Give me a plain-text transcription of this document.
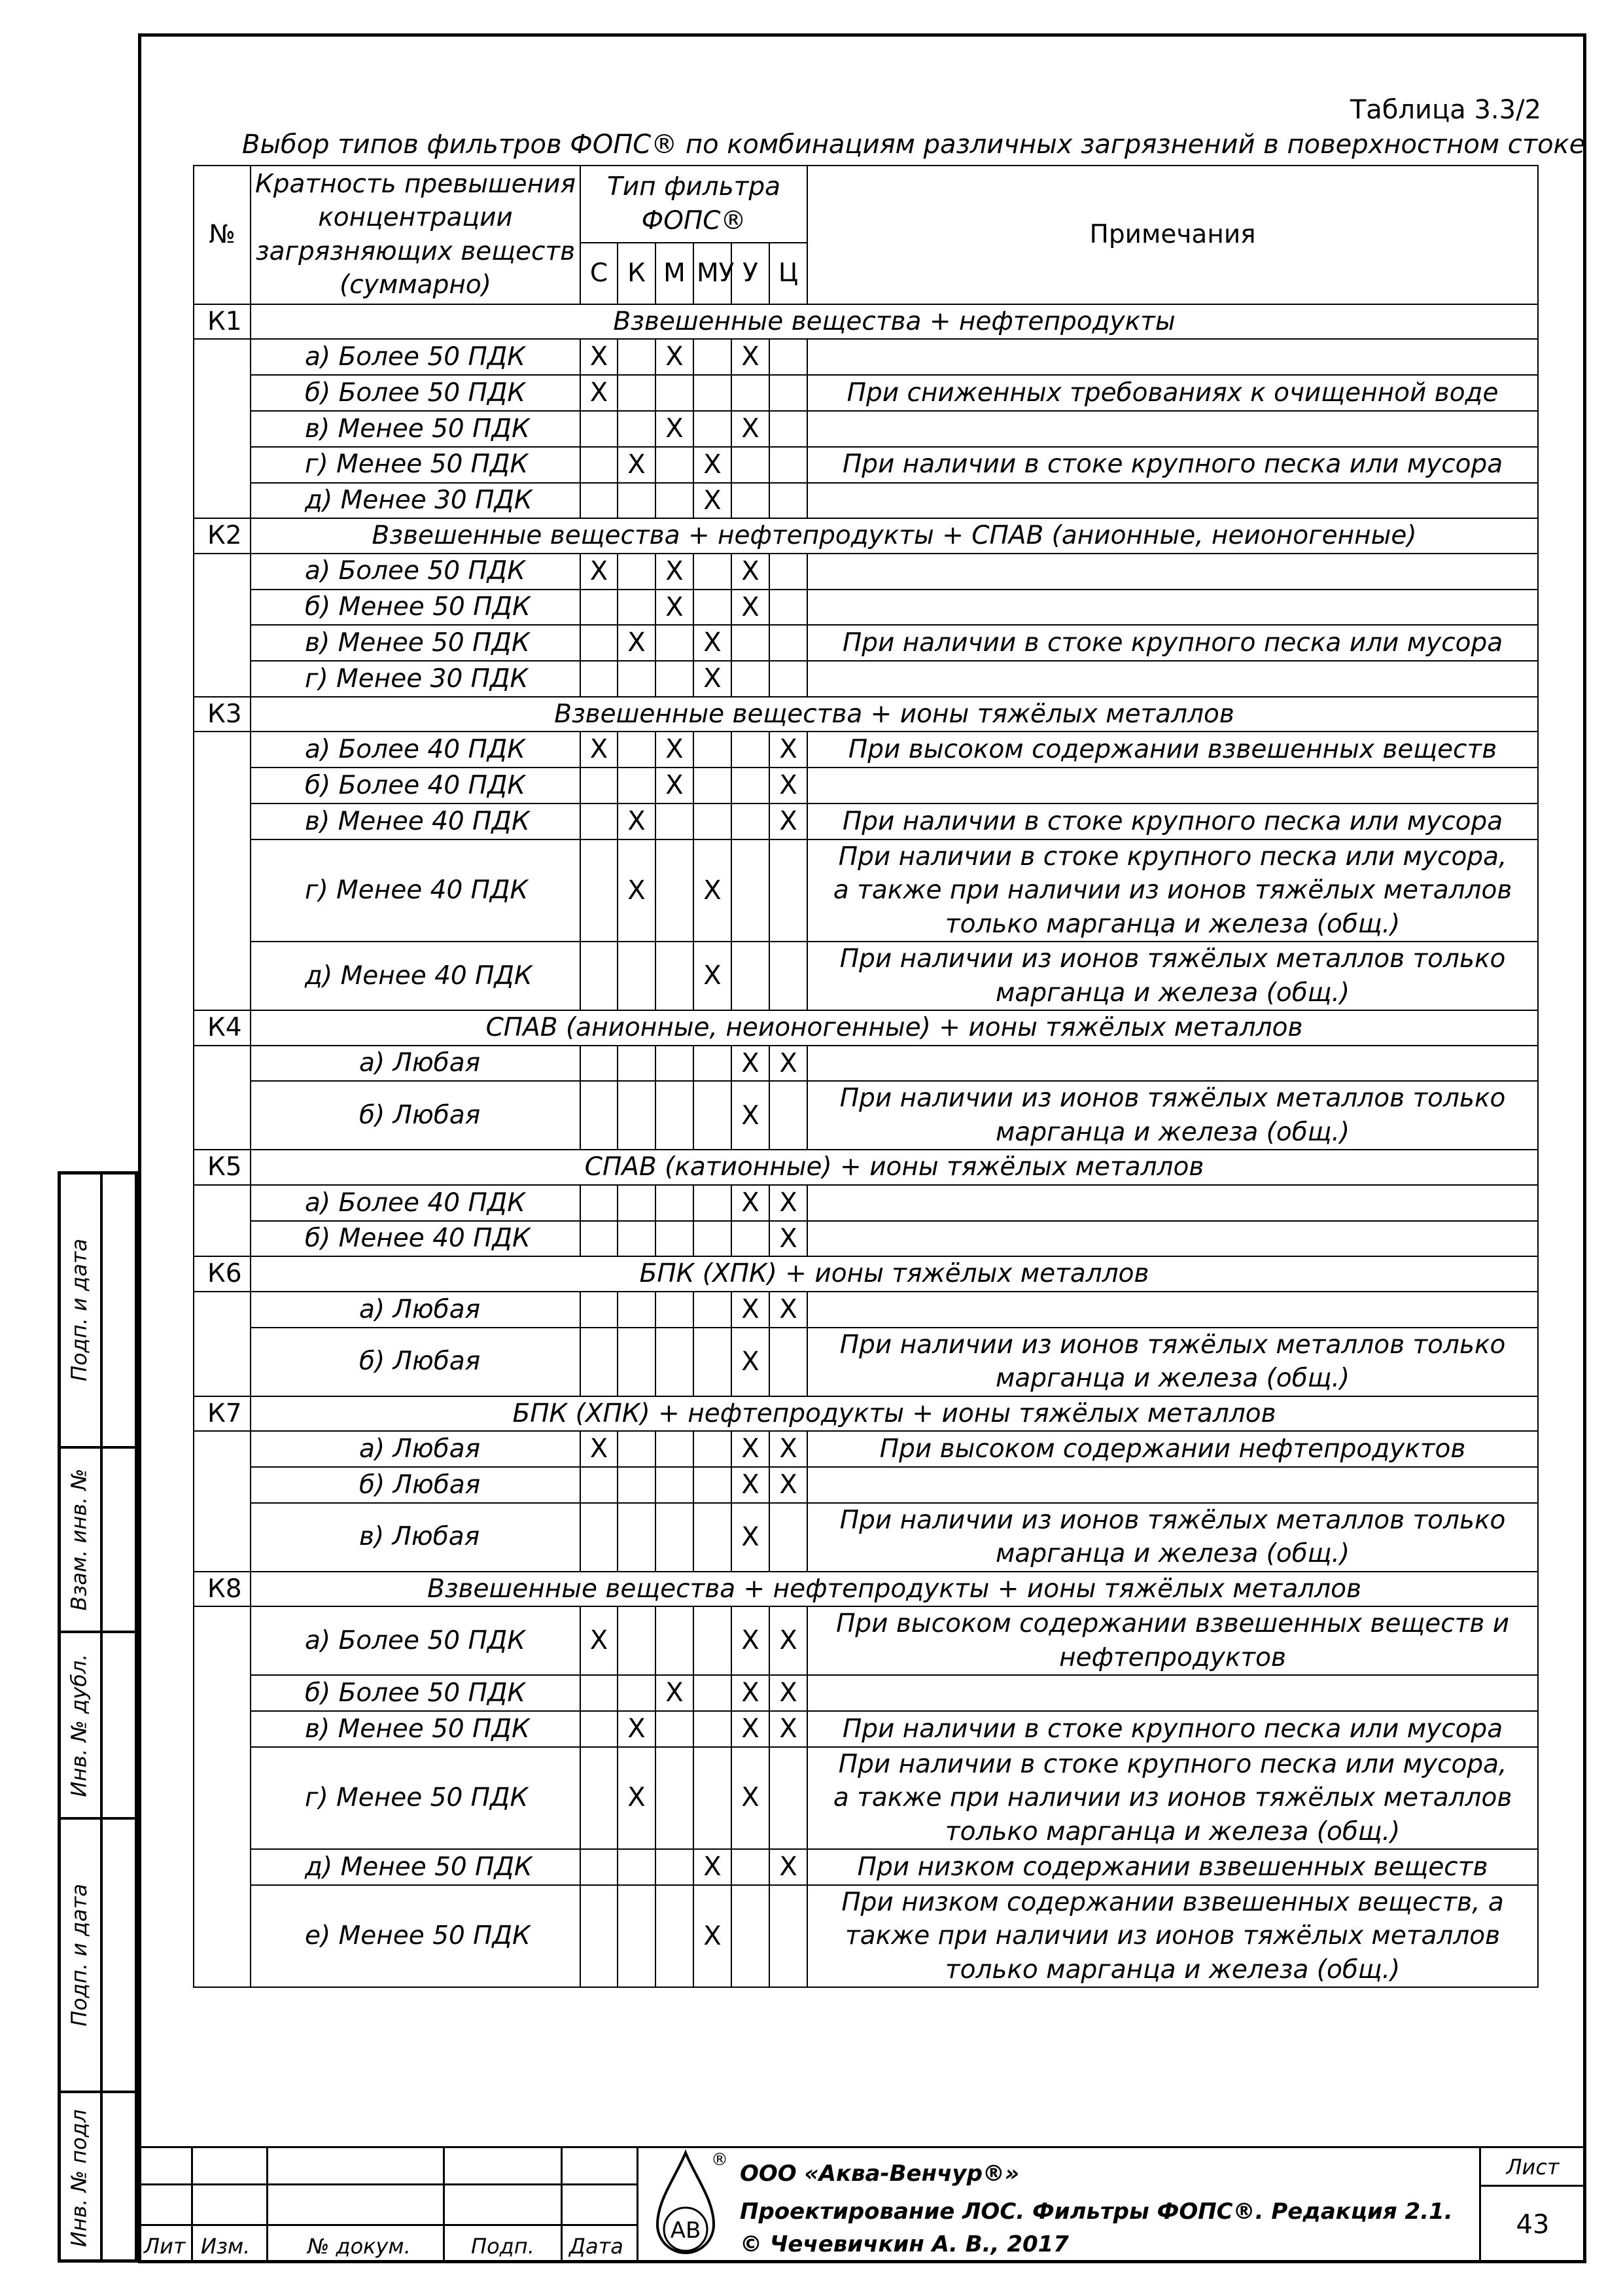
Таблица 3.3/2
Выбор типов фильтров ФОПС® по комбинациям различных загрязнений в поверхностном стоке
№	Кратность превышения концентрации загрязняющих веществ (суммарно)	Тип фильтра ФОПС®						Примечания
		С	К	М	МУ	У	Ц	
К1	Взвешенные вещества + нефтепродукты							
	а) Более 50 ПДК	Х		Х		Х		
	б) Более 50 ПДК	Х						При сниженных требованиях к очищенной воде
	в) Менее 50 ПДК			Х		Х		
	г) Менее 50 ПДК		Х		Х			При наличии в стоке крупного песка или мусора
	д) Менее 30 ПДК				Х			
К2	Взвешенные вещества + нефтепродукты + СПАВ (анионные, неионогенные)							
	а) Более 50 ПДК	Х		Х		Х		
	б) Менее 50 ПДК			Х		Х		
	в) Менее 50 ПДК		Х		Х			При наличии в стоке крупного песка или мусора
	г) Менее 30 ПДК				Х			
К3	Взвешенные вещества + ионы тяжёлых металлов							
	а) Более 40 ПДК	Х		Х			Х	При высоком содержании взвешенных веществ
	б) Более 40 ПДК			Х			Х	
	в) Менее 40 ПДК		Х				Х	При наличии в стоке крупного песка или мусора
	г) Менее 40 ПДК		Х		Х			При наличии в стоке крупного песка или мусора, а также при наличии из ионов тяжёлых металлов только марганца и железа (общ.)
	д) Менее 40 ПДК				Х			При наличии из ионов тяжёлых металлов только марганца и железа (общ.)
К4	СПАВ (анионные, неионогенные) + ионы тяжёлых металлов							
	а) Любая					Х	Х	
	б) Любая					Х		При наличии из ионов тяжёлых металлов только марганца и железа (общ.)
К5	СПАВ (катионные) + ионы тяжёлых металлов							
	а) Более 40 ПДК					Х	Х	
	б) Менее 40 ПДК						Х	
К6	БПК (ХПК) + ионы тяжёлых металлов							
	а) Любая					Х	Х	
	б) Любая					Х		При наличии из ионов тяжёлых металлов только марганца и железа (общ.)
К7	БПК (ХПК) + нефтепродукты + ионы тяжёлых металлов							
	а) Любая	Х				Х	Х	При высоком содержании нефтепродуктов
	б) Любая					Х	Х	
	в) Любая					Х		При наличии из ионов тяжёлых металлов только марганца и железа (общ.)
К8	Взвешенные вещества + нефтепродукты + ионы тяжёлых металлов							
	а) Более 50 ПДК	Х				Х	Х	При высоком содержании взвешенных веществ и нефтепродуктов
	б) Более 50 ПДК			Х		Х	Х	
	в) Менее 50 ПДК		Х			Х	Х	При наличии в стоке крупного песка или мусора
	г) Менее 50 ПДК		Х			Х		При наличии в стоке крупного песка или мусора, а также при наличии из ионов тяжёлых металлов только марганца и железа (общ.)
	д) Менее 50 ПДК				Х		Х	При низком содержании взвешенных веществ
	е) Менее 50 ПДК				Х			При низком содержании взвешенных веществ, а также при наличии из ионов тяжёлых металлов только марганца и железа (общ.)
Подп. и дата
Взам. инв. №
Инв. № дубл.
Подп. и дата
Инв. № подл	Лит Изм.	№ докум.	Подп. Дата
Лист
43
АВ
®
ООО «Аква-Венчур®»
Проектирование ЛОС. Фильтры ФОПС®. Редакция 2.1.
© Чечевичкин А. В., 2017
